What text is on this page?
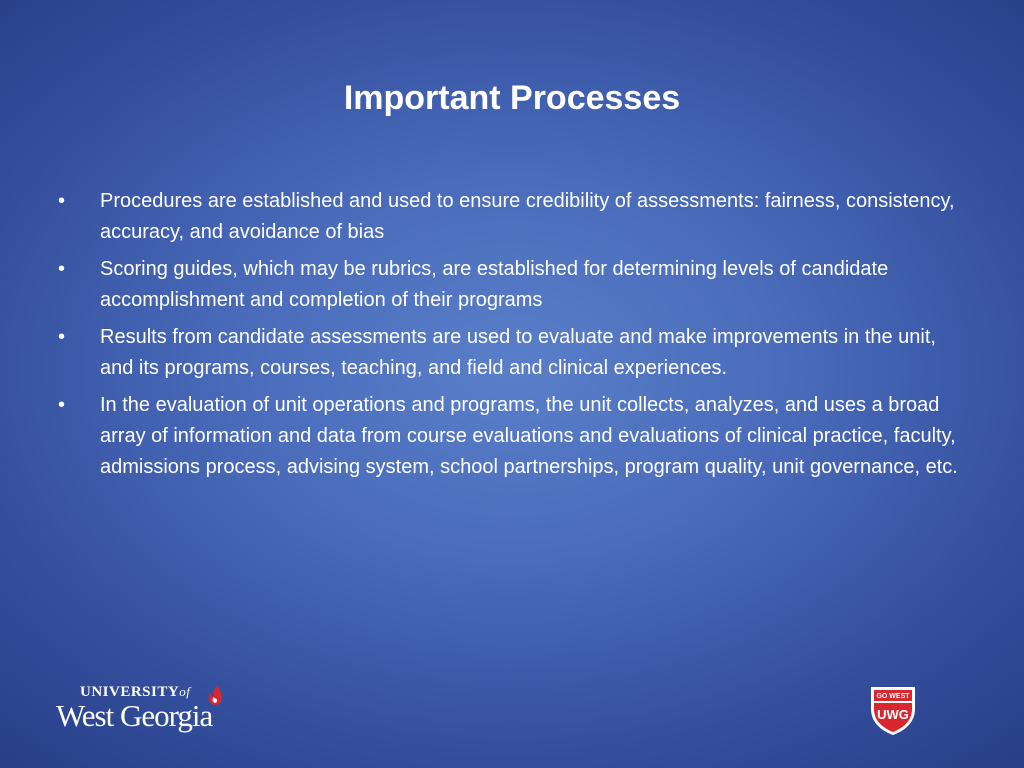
Important Processes
• Procedures are established and used to ensure credibility of assessments: fairness, consistency, accuracy, and avoidance of bias
• Scoring guides, which may be rubrics, are established for determining levels of candidate accomplishment and completion of their programs
• Results from candidate assessments are used to evaluate and make improvements in the unit, and its programs, courses, teaching, and field and clinical experiences.
• In the evaluation of unit operations and programs, the unit collects, analyzes, and uses a broad array of information and data from course evaluations and evaluations of clinical practice, faculty, admissions process, advising system, school partnerships, program quality, unit governance, etc.
UNIVERSITYof
West Georgia
GO WEST
UWG
